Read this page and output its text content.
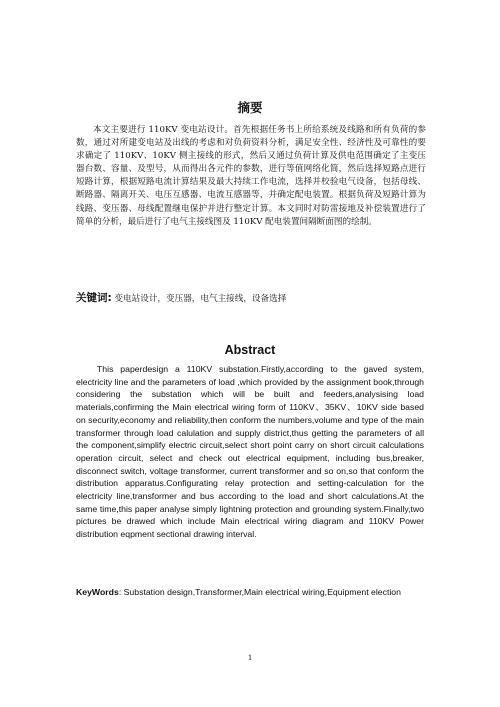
摘要

本文主要进行 110KV 变电站设计。首先根据任务书上所给系统及线路和所有负荷的参数，通过对所建变电站及出线的考虑和对负荷资料分析，满足安全性、经济性及可靠性的要求确定了 110KV、10KV 侧主接线的形式，然后又通过负荷计算及供电范围确定了主变压器台数、容量、及型号，从而得出各元件的参数，进行等值网络化简，然后选择短路点进行短路计算，根据短路电流计算结果及最大持续工作电流，选择并校验电气设备，包括母线、断路器、隔离开关、电压互感器、电流互感器等，并确定配电装置。根据负荷及短路计算为线路、变压器、母线配置继电保护并进行整定计算。本文同时对防雷接地及补偿装置进行了简单的分析，最后进行了电气主接线图及 110KV 配电装置间隔断面图的绘制。

关键词: 变电站设计，变压器，电气主接线，设备选择

Abstract

This paperdesign a 110KV substation.Firstly,according to the gaved system, electricity line and the parameters of load ,which provided by the assignment book,through considering the substation which will be built and feeders,analysising load materials,confirming the Main electrical wiring form of 110KV、35KV、10KV side based on security,economy and reliability,then conform the numbers,volume and type of the main transformer through load calulation and supply district,thus getting the parameters of all the component,simplify electric circuit,select short point carry on short circuit calculations operation circuit, select and check out electrical equipment, including bus,breaker, disconnect switch, voltage transformer, current transformer and so on,so that conform the distribution apparatus.Configurating relay protection and setting-calculation for the electricity line,transformer and bus according to the load and short calculations.At the same time,this paper analyse simply lightning protection and grounding system.Finally,two pictures be drawed which include Main electrical wiring diagram and 110KV Power distribution eqpment sectional drawing interval.

KeyWords: Substation design,Transformer,Main electrical wiring,Equipment election

1
